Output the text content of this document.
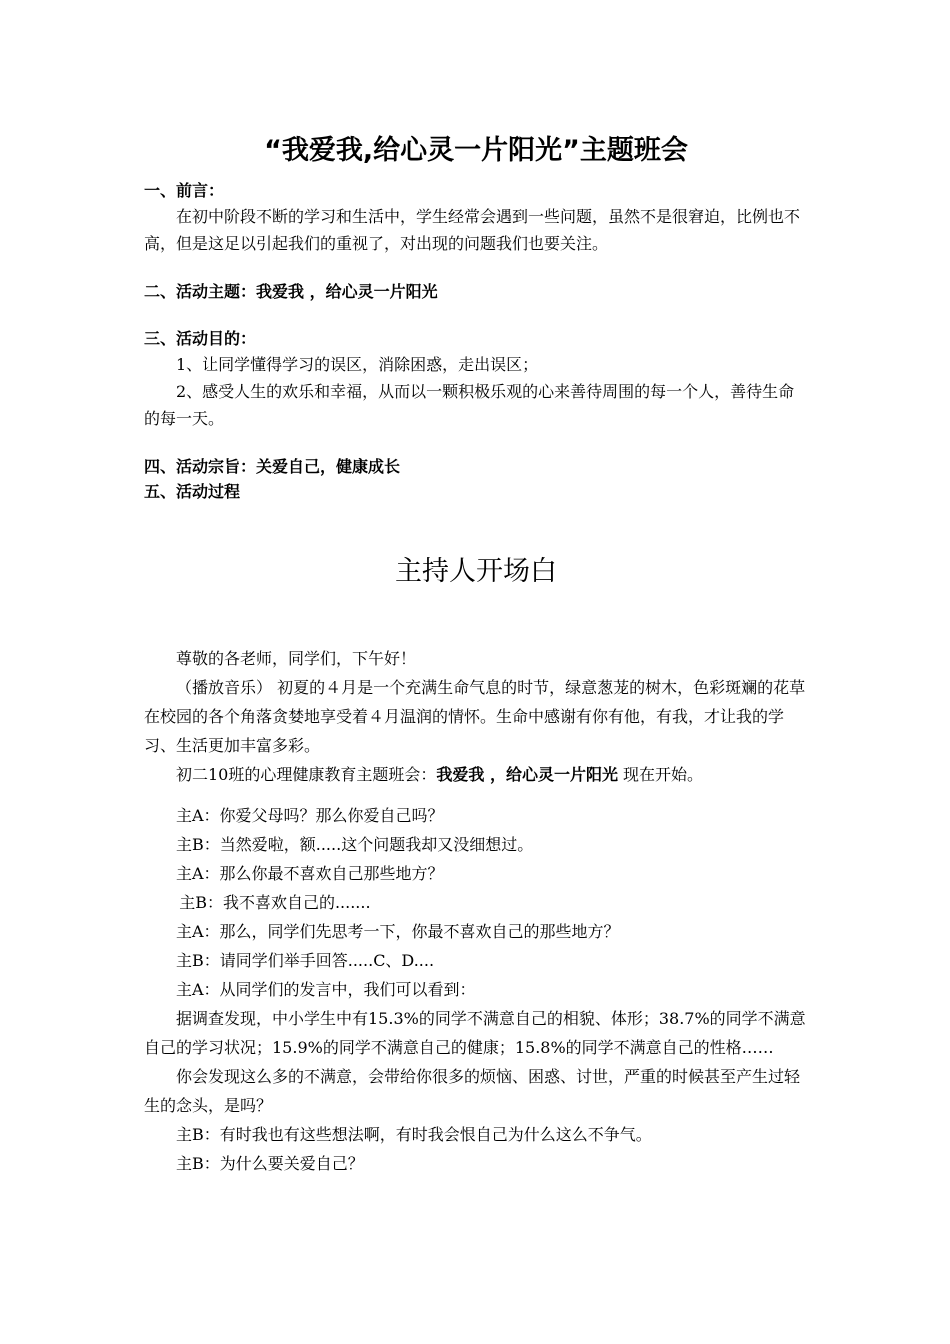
“我爱我,给心灵一片阳光”主题班会
一、前言：
在初中阶段不断的学习和生活中，学生经常会遇到一些问题，虽然不是很窘迫，比例也不高，但是这足以引起我们的重视了，对出现的问题我们也要关注。
二、活动主题：我爱我 ，给心灵一片阳光
三、活动目的：
1、让同学懂得学习的误区，消除困惑，走出误区；
2、感受人生的欢乐和幸福，从而以一颗积极乐观的心来善待周围的每一个人，善待生命的每一天。
四、活动宗旨：关爱自己，健康成长
五、活动过程
主持人开场白
尊敬的各老师，同学们，下午好！
（播放音乐） 初夏的４月是一个充满生命气息的时节，绿意葱茏的树木，色彩斑斓的花草在校园的各个角落贪婪地享受着４月温润的情怀。生命中感谢有你有他，有我，才让我的学习、生活更加丰富多彩。
初二10班的心理健康教育主题班会：我爱我 ，给心灵一片阳光 现在开始。
主A：你爱父母吗？那么你爱自己吗？
主B：当然爱啦，额.....这个问题我却又没细想过。
主A：那么你最不喜欢自己那些地方？
主B：我不喜欢自己的.......
主A：那么，同学们先思考一下，你最不喜欢自己的那些地方？
主B：请同学们举手回答.....C、D....
主A：从同学们的发言中，我们可以看到：
据调查发现，中小学生中有15.3%的同学不满意自己的相貌、体形；38.7%的同学不满意自己的学习状况；15.9%的同学不满意自己的健康；15.8%的同学不满意自己的性格……
你会发现这么多的不满意，会带给你很多的烦恼、困惑、讨世，严重的时候甚至产生过轻生的念头，是吗？
主B：有时我也有这些想法啊，有时我会恨自己为什么这么不争气。
主B：为什么要关爱自己？
